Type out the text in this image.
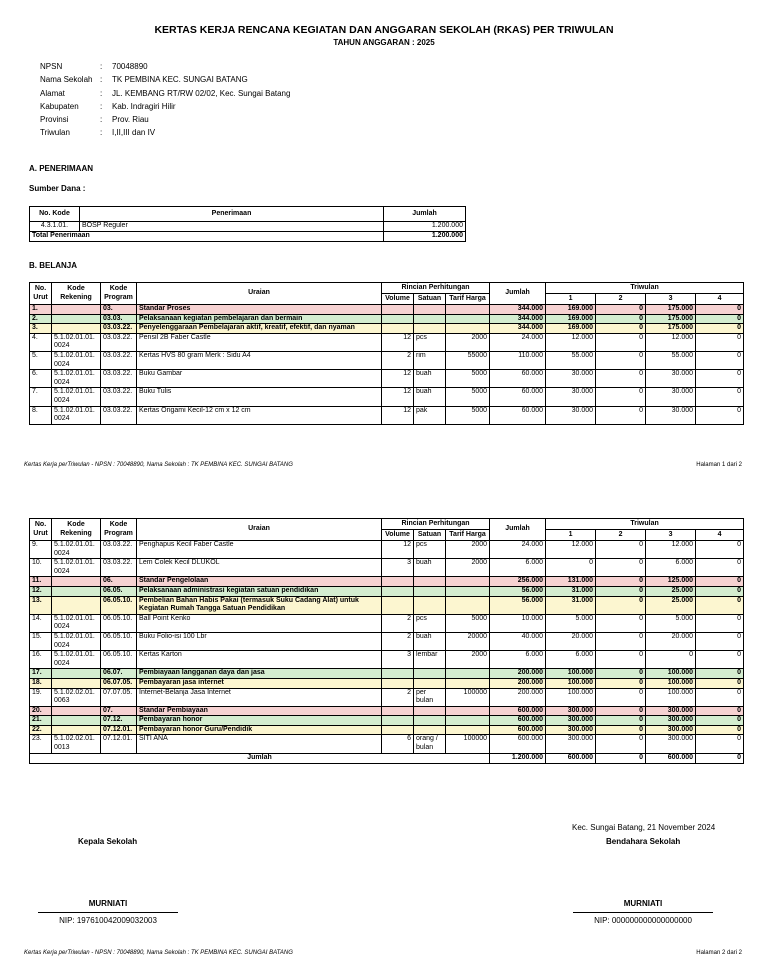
KERTAS KERJA RENCANA KEGIATAN DAN ANGGARAN SEKOLAH (RKAS) PER TRIWULAN
TAHUN ANGGARAN : 2025
NPSN	:	70048890
Nama Sekolah :	TK PEMBINA KEC. SUNGAI BATANG
Alamat	:	JL. KEMBANG RT/RW 02/02, Kec. Sungai Batang
Kabupaten	:	Kab. Indragiri Hilir
Provinsi	:	Prov. Riau
Triwulan	:	I,II,III dan IV
A. PENERIMAAN
Sumber Dana :
No. Kode	Penerimaan	Jumlah
4.3.1.01.	BOSP Reguler	1.200.000
Total Penerimaan		1.200.000
B. BELANJA
No. Urut	Kode Rekening	Kode Program	Uraian	Rincian Perhitungan			Jumlah	Triwulan			
				Volume	Satuan	Tarif Harga		1	2	3	4
1.		03.	Standar Proses				344.000	169.000	0	175.000	0
2.		03.03.	Pelaksanaan kegiatan pembelajaran dan bermain				344.000	169.000	0	175.000	0
3.		03.03.22.	Penyelenggaraan Pembelajaran aktif, kreatif, efektif, dan nyaman				344.000	169.000	0	175.000	0
4.	5.1.02.01.01. 0024	03.03.22.	Pensil 2B Faber Castle	12	pcs	2000	24.000	12.000	0	12.000	0
5.	5.1.02.01.01. 0024	03.03.22.	Kertas HVS 80 gram Merk : Sidu A4	2	rim	55000	110.000	55.000	0	55.000	0
6.	5.1.02.01.01. 0024	03.03.22.	Buku Gambar	12	buah	5000	60.000	30.000	0	30.000	0
7.	5.1.02.01.01. 0024	03.03.22.	Buku Tulis	12	buah	5000	60.000	30.000	0	30.000	0
8.	5.1.02.01.01. 0024	03.03.22.	Kertas Origami Kecil-12 cm x 12 cm	12	pak	5000	60.000	30.000	0	30.000	0
Kertas Kerja perTriwulan - NPSN : 70048890, Nama Sekolah : TK PEMBINA KEC. SUNGAI BATANG	Halaman 1 dari 2
No. Urut	Kode Rekening	Kode Program	Uraian	Rincian Perhitungan			Jumlah	Triwulan			
				Volume	Satuan	Tarif Harga		1	2	3	4
9.	5.1.02.01.01. 0024	03.03.22.	Penghapus Kecil Faber Castle	12	pcs	2000	24.000	12.000	0	12.000	0
10.	5.1.02.01.01. 0024	03.03.22.	Lem Colek Kecil DLUKOL	3	buah	2000	6.000	0	0	6.000	0
11.		06.	Standar Pengelolaan				256.000	131.000	0	125.000	0
12.		06.05.	Pelaksanaan administrasi kegiatan satuan pendidikan				56.000	31.000	0	25.000	0
13.		06.05.10.	Pembelian Bahan Habis Pakai (termasuk Suku Cadang Alat) untuk Kegiatan Rumah Tangga Satuan Pendidikan				56.000	31.000	0	25.000	0
14.	5.1.02.01.01. 0024	06.05.10.	Ball Point Kenko	2	pcs	5000	10.000	5.000	0	5.000	0
15.	5.1.02.01.01. 0024	06.05.10.	Buku Folio-isi 100 Lbr	2	buah	20000	40.000	20.000	0	20.000	0
16.	5.1.02.01.01. 0024	06.05.10.	Kertas Karton	3	lembar	2000	6.000	6.000	0	0	0
17.		06.07.	Pembiayaan langganan daya dan jasa				200.000	100.000	0	100.000	0
18.		06.07.05.	Pembayaran jasa internet				200.000	100.000	0	100.000	0
19.	5.1.02.02.01. 0063	07.07.05.	Internet-Belanja Jasa Internet	2	per bulan	100000	200.000	100.000	0	100.000	0
20.		07.	Standar Pembiayaan				600.000	300.000	0	300.000	0
21.		07.12.	Pembayaran honor				600.000	300.000	0	300.000	0
22.		07.12.01.	Pembayaran honor Guru/Pendidik				600.000	300.000	0	300.000	0
23.	5.1.02.02.01. 0013	07.12.01.	SITI ANA	6	orang / bulan	100000	600.000	300.000	0	300.000	0
Jumlah							1.200.000	600.000	0	600.000	0
Kec. Sungai Batang, 21 November 2024
Kepala Sekolah	Bendahara Sekolah
MURNIATI
NIP: 197610042009032003
MURNIATI
NIP: 000000000000000000
Kertas Kerja perTriwulan - NPSN : 70048890, Nama Sekolah : TK PEMBINA KEC. SUNGAI BATANG	Halaman 2 dari 2
